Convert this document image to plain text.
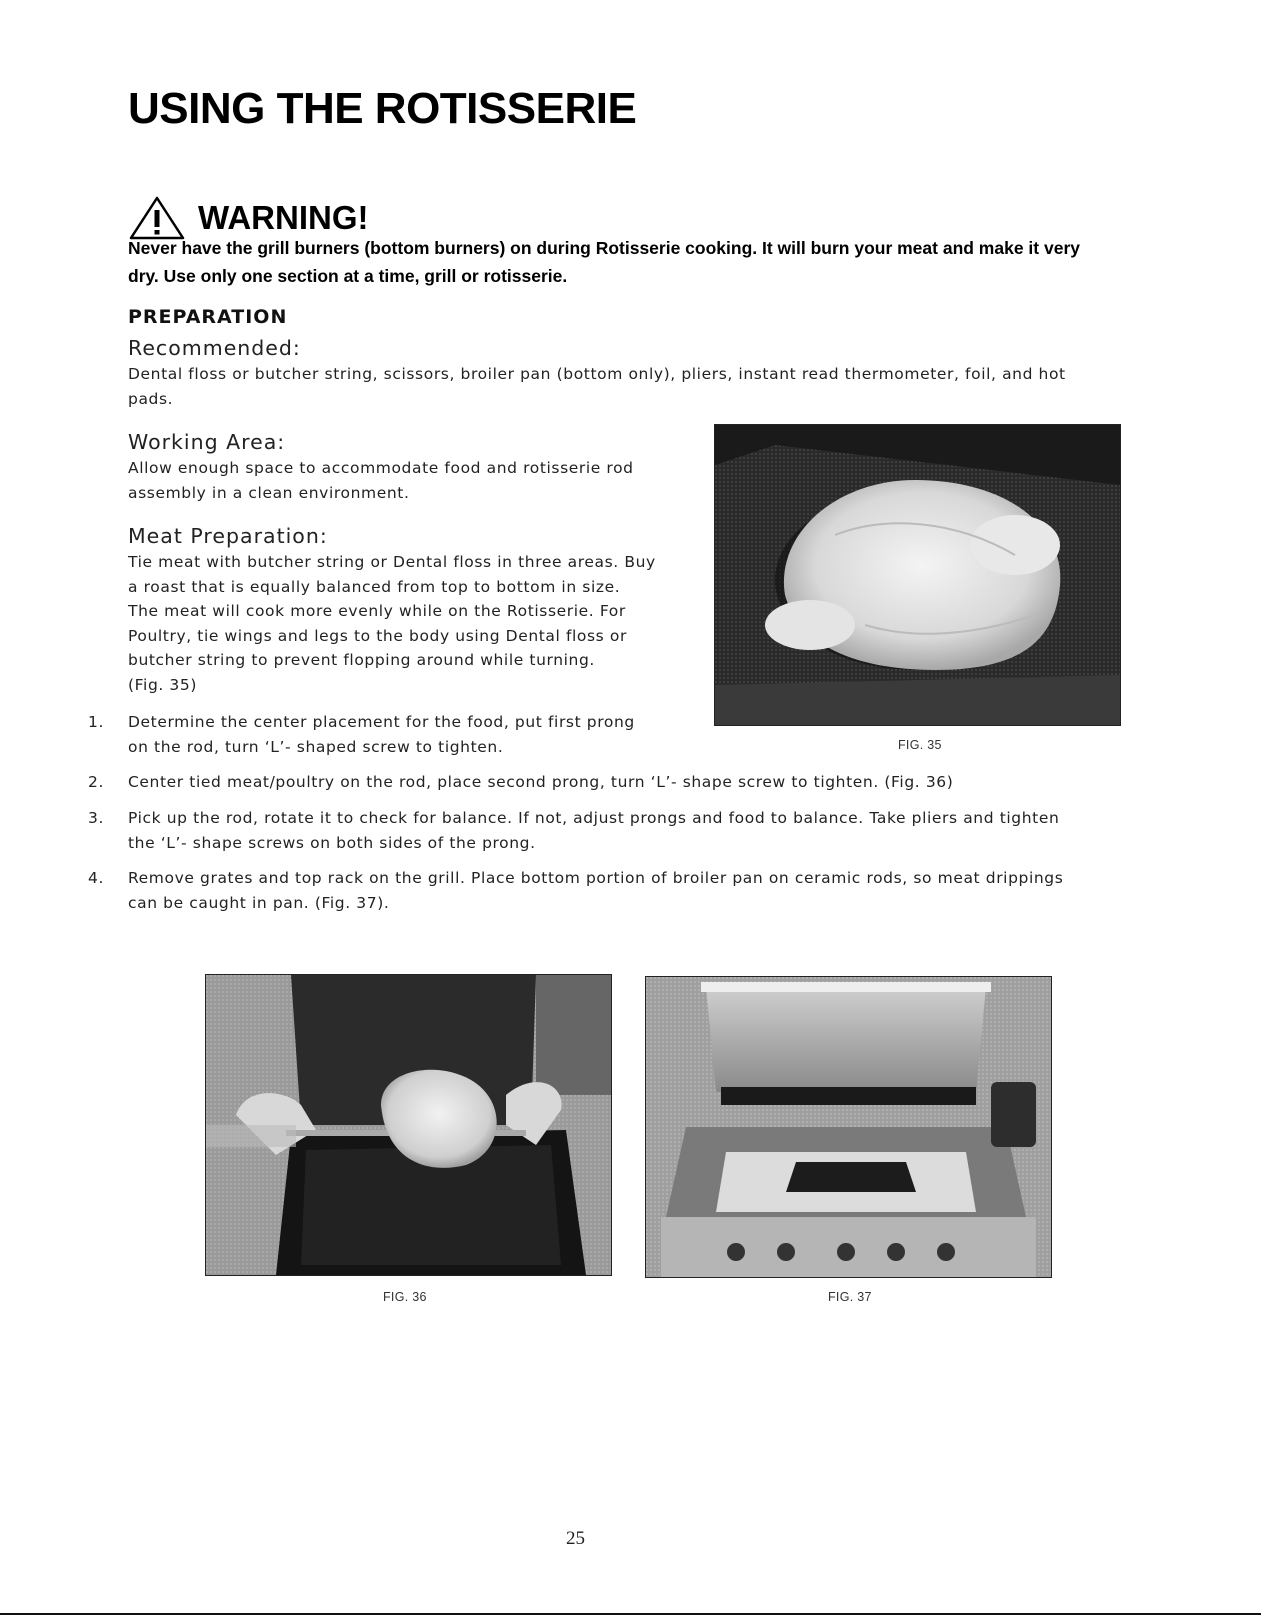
USING THE ROTISSERIE
WARNING!

Never have the grill burners (bottom burners) on during Rotisserie cooking. It will burn your meat and make it very
dry. Use only one section at a time, grill or rotisserie.

PREPARATION
Recommended:

Dental floss or butcher string, scissors, broiler pan (bottom only), pliers, instant read thermometer, foil, and hot
pads.

Working Area:

Allow enough space to accommodate food and rotisserie rod
assembly in a clean environment.

Meat Preparation:

Tie meat with butcher string or Dental floss in three areas. Buy
a roast that is equally balanced from top to bottom in size.
The meat will cook more evenly while on the Rotisserie. For
Poultry, tie wings and legs to the body using Dental floss or
butcher string to prevent flopping around while turning.
(Fig. 35)

1. Determine the center placement for the food, put first prong
on the rod, turn ‘L’- shaped screw to tighten.
2. Center tied meat/poultry on the rod, place second prong, turn ‘L’- shape screw to tighten. (Fig. 36)
3. Pick up the rod, rotate it to check for balance. If not, adjust prongs and food to balance. Take pliers and tighten
the ‘L’- shape screws on both sides of the prong.
4. Remove grates and top rack on the grill. Place bottom portion of broiler pan on ceramic rods, so meat drippings
can be caught in pan. (Fig. 37).
FIG. 35
FIG. 36	FIG. 37
25
